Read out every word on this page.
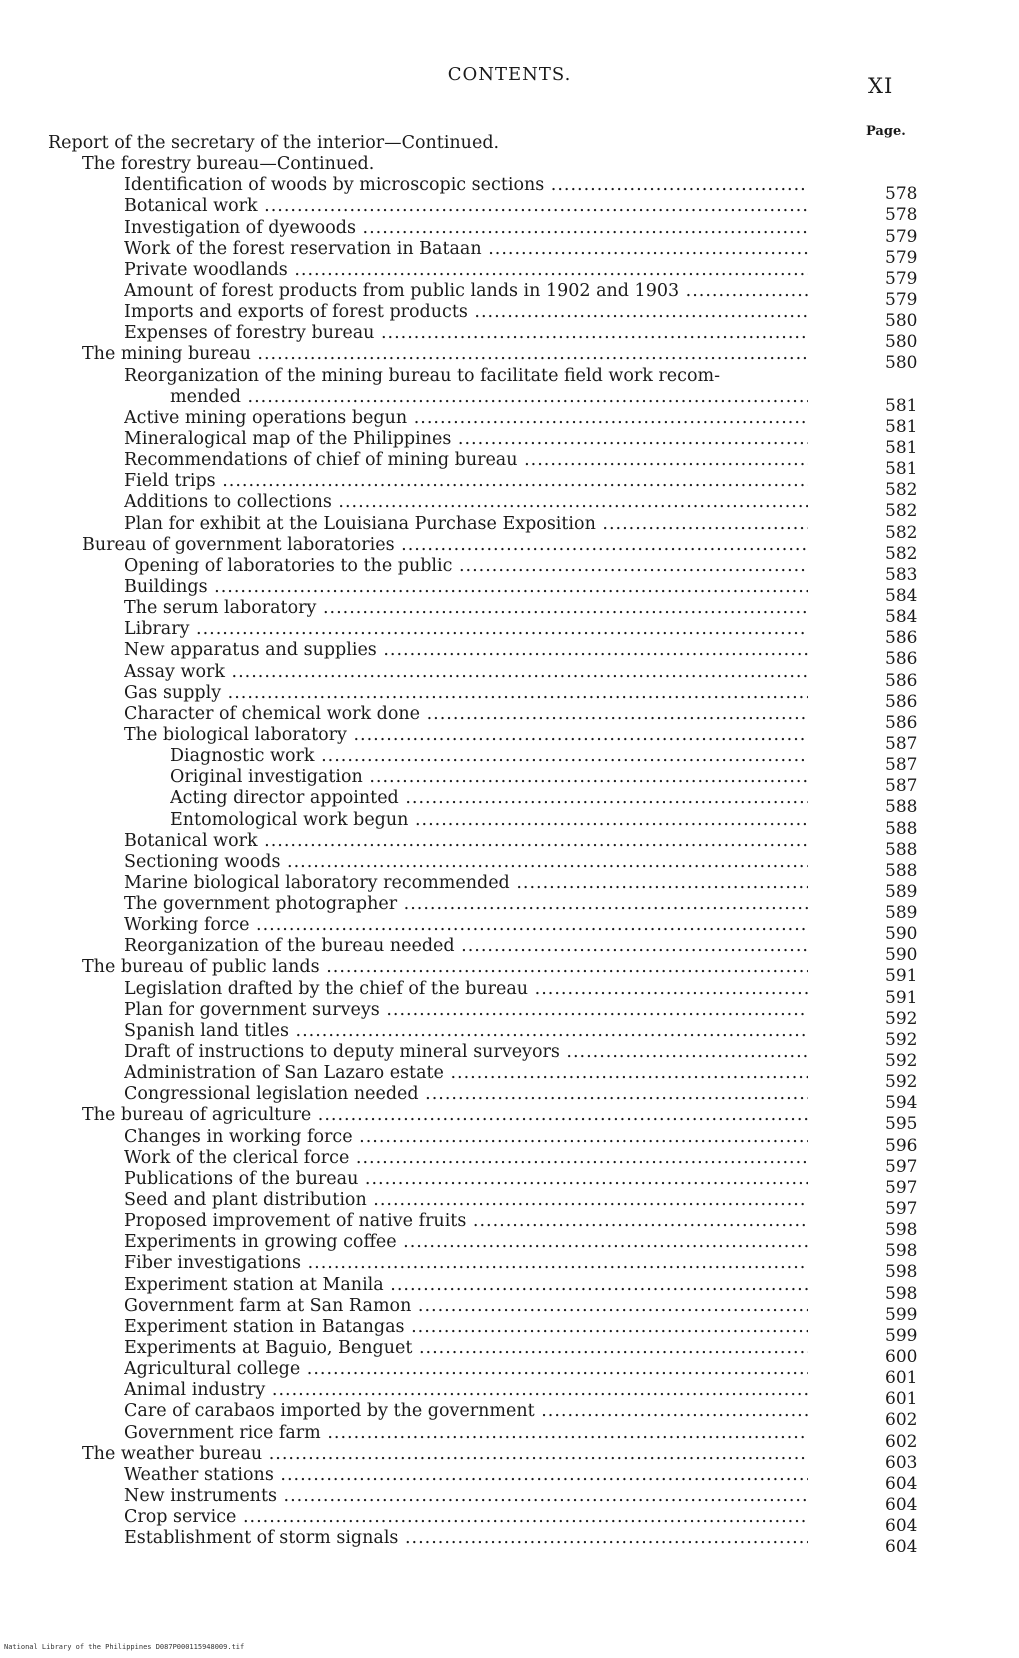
CONTENTS.	XI
Page.
Report of the secretary of the interior—Continued.
The forestry bureau—Continued.
Identification of woods by microscopic sections .....	578
Botanical work .....	578
Investigation of dyewoods .....	579
Work of the forest reservation in Bataan .....	579
Private woodlands .....	579
Amount of forest products from public lands in 1902 and 1903 .....	579
Imports and exports of forest products .....	580
Expenses of forestry bureau .....	580
The mining bureau .....	580
Reorganization of the mining bureau to facilitate field work recom-
mended .....	581
Active mining operations begun .....	581
Mineralogical map of the Philippines .....	581
Recommendations of chief of mining bureau .....	581
Field trips .....	582
Additions to collections .....	582
Plan for exhibit at the Louisiana Purchase Exposition .....	582
Bureau of government laboratories .....	582
Opening of laboratories to the public .....	583
Buildings .....	584
The serum laboratory .....	584
Library .....	586
New apparatus and supplies .....	586
Assay work .....	586
Gas supply .....	586
Character of chemical work done .....	586
The biological laboratory .....	587
Diagnostic work .....	587
Original investigation .....	587
Acting director appointed .....	588
Entomological work begun .....	588
Botanical work .....	588
Sectioning woods .....	588
Marine biological laboratory recommended .....	589
The government photographer .....	589
Working force .....	590
Reorganization of the bureau needed .....	590
The bureau of public lands .....	591
Legislation drafted by the chief of the bureau .....	591
Plan for government surveys .....	592
Spanish land titles .....	592
Draft of instructions to deputy mineral surveyors .....	592
Administration of San Lazaro estate .....	592
Congressional legislation needed .....	594
The bureau of agriculture .....	595
Changes in working force .....	596
Work of the clerical force .....	597
Publications of the bureau .....	597
Seed and plant distribution .....	597
Proposed improvement of native fruits .....	598
Experiments in growing coffee .....	598
Fiber investigations .....	598
Experiment station at Manila .....	598
Government farm at San Ramon .....	599
Experiment station in Batangas .....	599
Experiments at Baguio, Benguet .....	600
Agricultural college .....	601
Animal industry .....	601
Care of carabaos imported by the government .....	602
Government rice farm .....	602
The weather bureau .....	603
Weather stations .....	604
New instruments .....	604
Crop service .....	604
Establishment of storm signals .....	604
National Library of the Philippines D087P000115948009.tif
